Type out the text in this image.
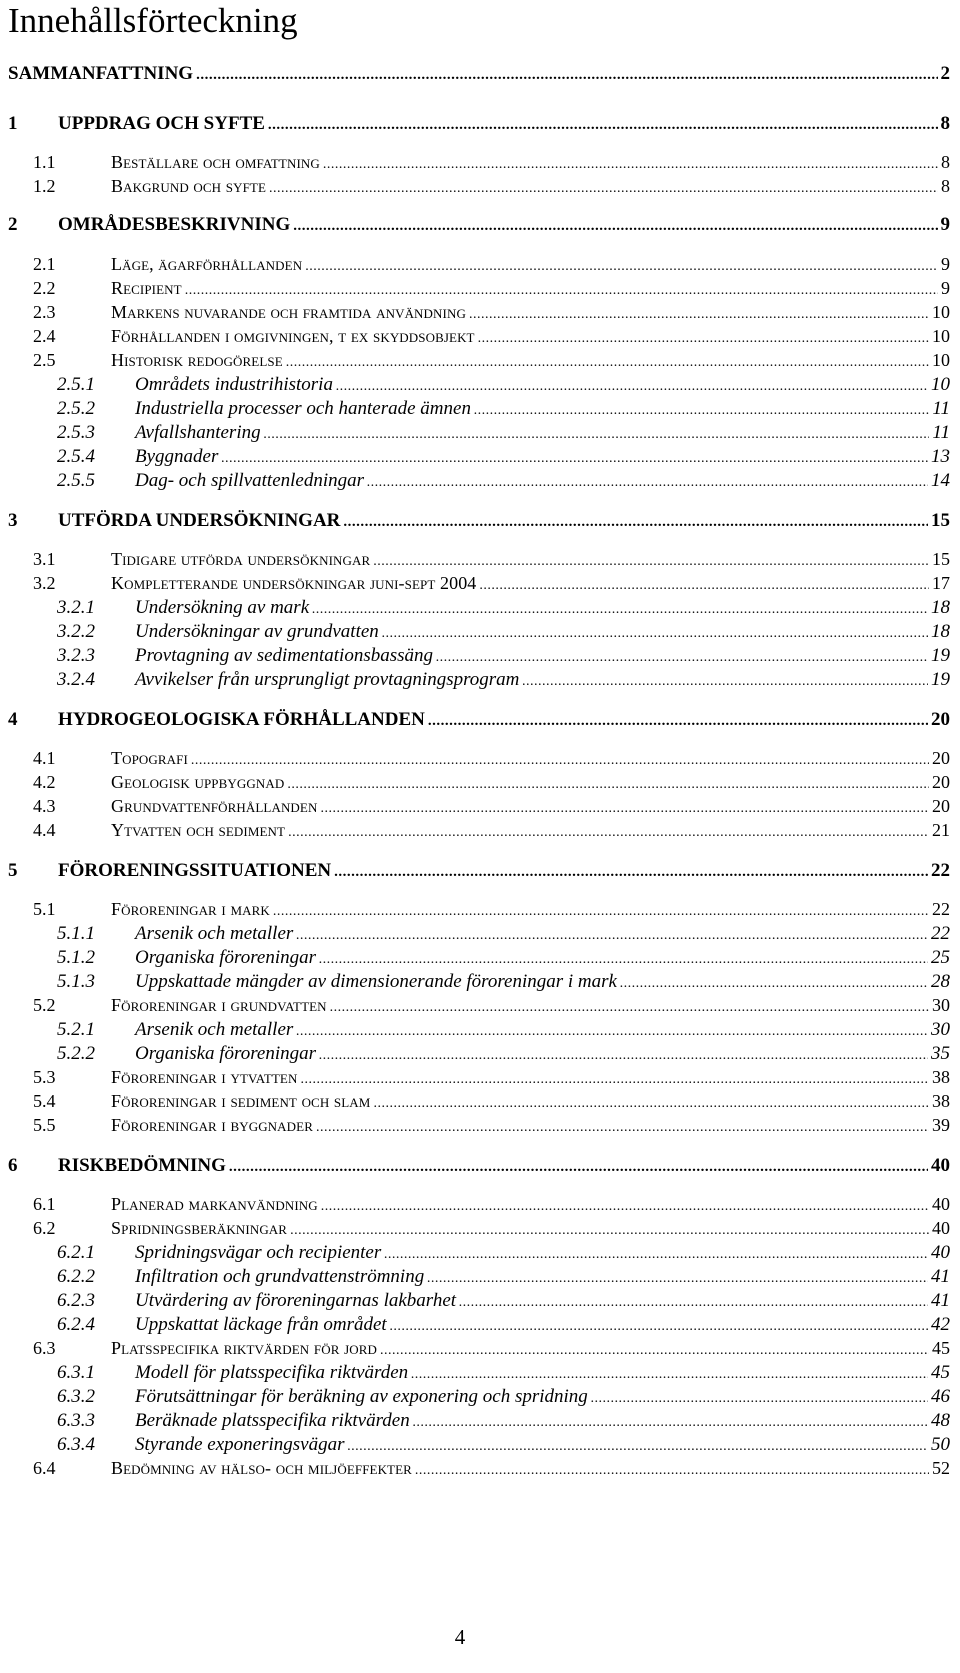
Innehållsförteckning
SAMMANFATTNING .....	2
1	UPPDRAG OCH SYFTE .....	8
1.1	Beställare och omfattning .....	8
1.2	Bakgrund och syfte .....	8
2	OMRÅDESBESKRIVNING .....	9
2.1	Läge, ägarförhållanden .....	9
2.2	Recipient .....	9
2.3	Markens nuvarande och framtida användning .....	10
2.4	Förhållanden i omgivningen, t ex skyddsobjekt .....	10
2.5	Historisk redogörelse .....	10
2.5.1	Områdets industrihistoria .....	10
2.5.2	Industriella processer och hanterade ämnen .....	11
2.5.3	Avfallshantering .....	11
2.5.4	Byggnader .....	13
2.5.5	Dag- och spillvattenledningar .....	14
3	UTFÖRDA UNDERSÖKNINGAR .....	15
3.1	Tidigare utförda undersökningar .....	15
3.2	Kompletterande undersökningar juni-sept 2004 .....	17
3.2.1	Undersökning av mark .....	18
3.2.2	Undersökningar av grundvatten .....	18
3.2.3	Provtagning av sedimentationsbassäng .....	19
3.2.4	Avvikelser från ursprungligt provtagningsprogram .....	19
4	HYDROGEOLOGISKA FÖRHÅLLANDEN .....	20
4.1	Topografi .....	20
4.2	Geologisk uppbyggnad .....	20
4.3	Grundvattenförhållanden .....	20
4.4	Ytvatten och sediment .....	21
5	FÖRORENINGSSITUATIONEN .....	22
5.1	Föroreningar i mark .....	22
5.1.1	Arsenik och metaller .....	22
5.1.2	Organiska föroreningar .....	25
5.1.3	Uppskattade mängder av dimensionerande föroreningar i mark .....	28
5.2	Föroreningar i grundvatten .....	30
5.2.1	Arsenik och metaller .....	30
5.2.2	Organiska föroreningar .....	35
5.3	Föroreningar i ytvatten .....	38
5.4	Föroreningar i sediment och slam .....	38
5.5	Föroreningar i byggnader .....	39
6	RISKBEDÖMNING .....	40
6.1	Planerad markanvändning .....	40
6.2	Spridningsberäkningar .....	40
6.2.1	Spridningsvägar och recipienter .....	40
6.2.2	Infiltration och grundvattenströmning .....	41
6.2.3	Utvärdering av föroreningarnas lakbarhet .....	41
6.2.4	Uppskattat läckage från området .....	42
6.3	Platsspecifika riktvärden för jord .....	45
6.3.1	Modell för platsspecifika riktvärden .....	45
6.3.2	Förutsättningar för beräkning av exponering och spridning .....	46
6.3.3	Beräknade platsspecifika riktvärden .....	48
6.3.4	Styrande exponeringsvägar .....	50
6.4	Bedömning av hälso- och miljöeffekter .....	52
4
